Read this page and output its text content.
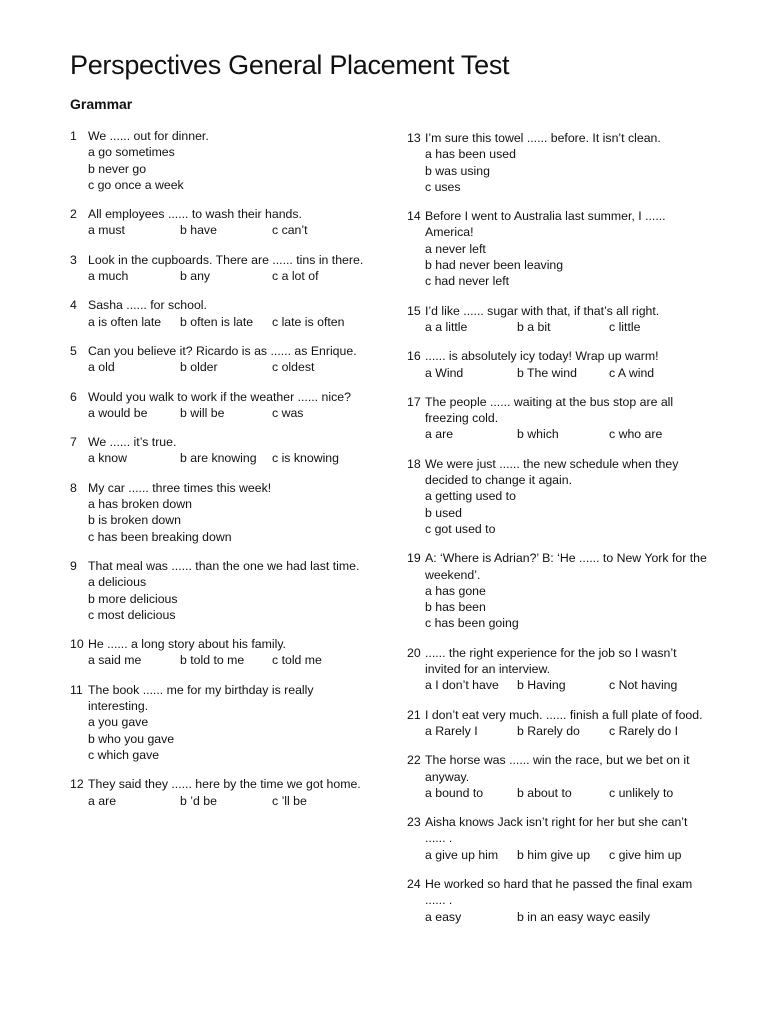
Perspectives General Placement Test
Grammar
1 We ...... out for dinner.
a go sometimes
b never go
c go once a week
2 All employees ...... to wash their hands.
a must	b have	c can’t
3 Look in the cupboards. There are ...... tins in there.
a much	b any	c a lot of
4 Sasha ...... for school.
a is often late	b often is late	c late is often
5 Can you believe it? Ricardo is as ...... as Enrique.
a old	b older	c oldest
6 Would you walk to work if the weather ...... nice?
a would be	b will be	c was
7 We ...... it’s true.
a know	b are knowing	c is knowing
8 My car ...... three times this week!
a has broken down
b is broken down
c has been breaking down
9 That meal was ...... than the one we had last time.
a delicious
b more delicious
c most delicious
10 He ...... a long story about his family.
a said me	b told to me	c told me
11 The book ...... me for my birthday is really interesting.
a you gave
b who you gave
c which gave
12 They said they ...... here by the time we got home.
a are	b ’d be	c ’ll be
13 I’m sure this towel ...... before. It isn’t clean.
a has been used
b was using
c uses
14 Before I went to Australia last summer, I ...... America!
a never left
b had never been leaving
c had never left
15 I’d like ...... sugar with that, if that’s all right.
a a little	b a bit	c little
16 ...... is absolutely icy today! Wrap up warm!
a Wind	b The wind	c A wind
17 The people ...... waiting at the bus stop are all freezing cold.
a are	b which	c who are
18 We were just ...... the new schedule when they decided to change it again.
a getting used to
b used
c got used to
19 A: ‘Where is Adrian?’ B: ‘He ...... to New York for the weekend’.
a has gone
b has been
c has been going
20 ...... the right experience for the job so I wasn’t invited for an interview.
a I don’t have	b Having	c Not having
21 I don’t eat very much. ...... finish a full plate of food.
a Rarely I	b Rarely do	c Rarely do I
22 The horse was ...... win the race, but we bet on it anyway.
a bound to	b about to	c unlikely to
23 Aisha knows Jack isn’t right for her but she can’t ...... .
a give up him	b him give up	c give him up
24 He worked so hard that he passed the final exam ...... .
a easy	b in an easy way c easily
